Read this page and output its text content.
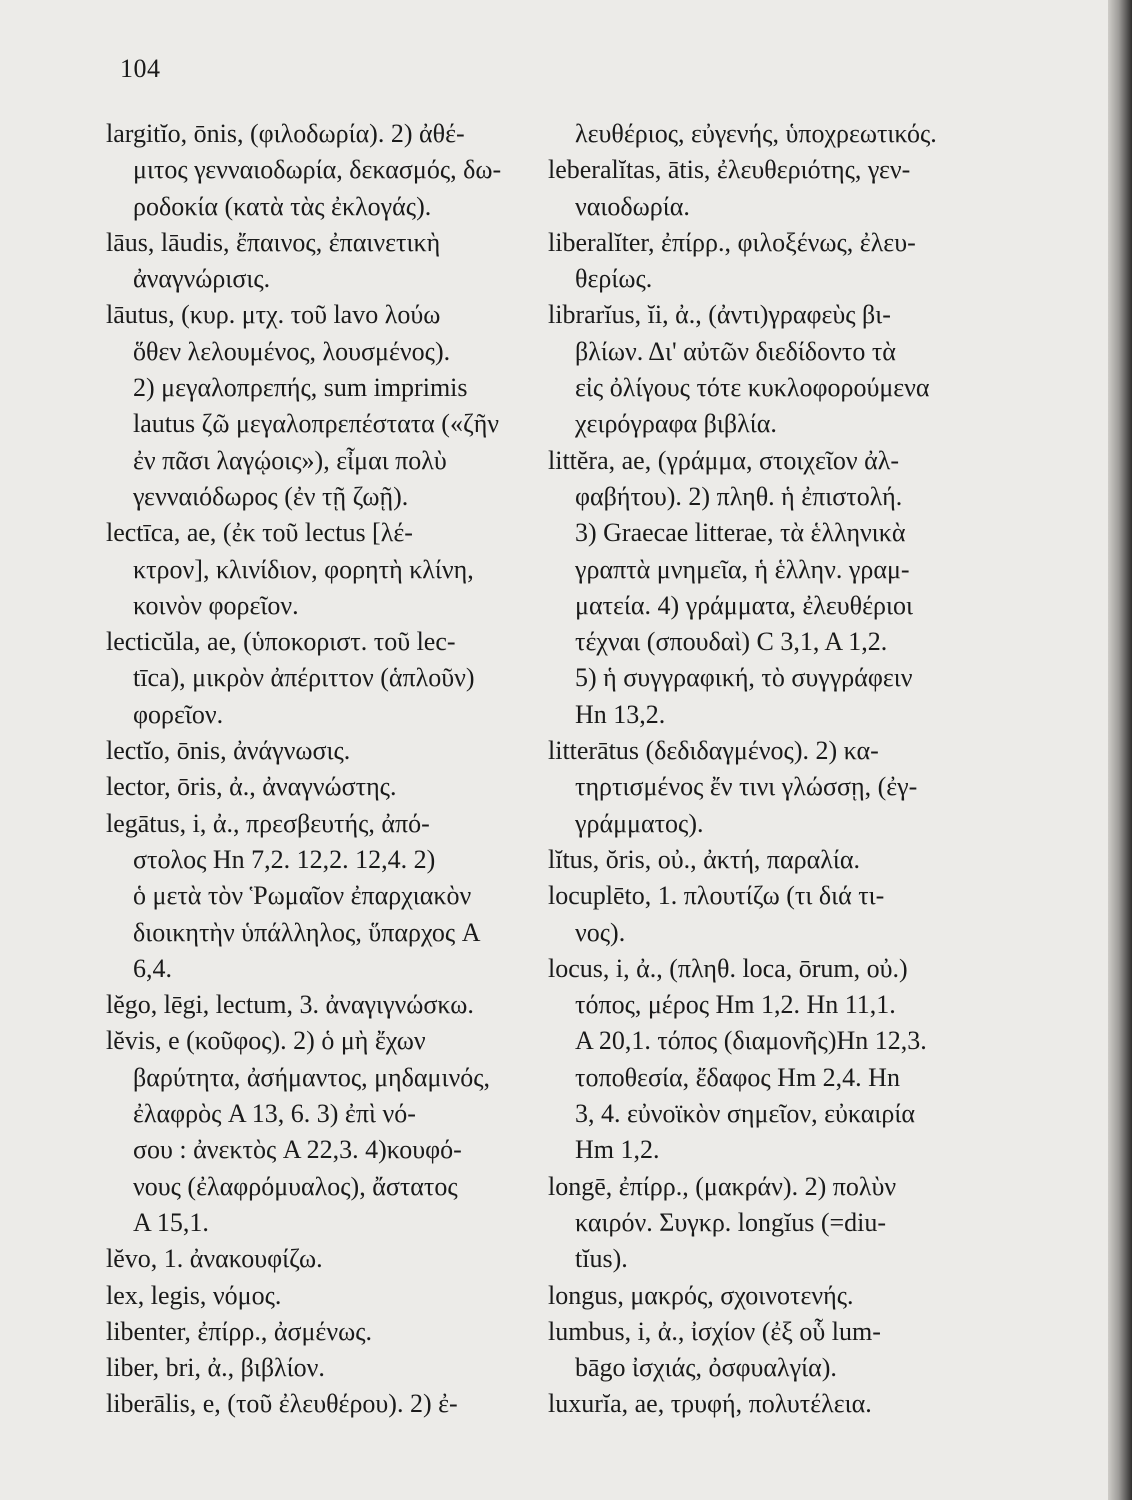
104
largitĭo, ōnis, (φιλοδωρία). 2) ἀθέ-
μιτος γενναιοδωρία, δεκασμός, δω-
ροδοκία (κατὰ τὰς ἐκλογάς).
lāus, lāudis, ἔπαινος, ἐπαινετικὴ
ἀναγνώρισις.
lāutus, (κυρ. μτχ. τοῦ lavo λούω
ὅθεν λελουμένος, λουσμένος).
2) μεγαλοπρεπής, sum imprimis
lautus ζῶ μεγαλοπρεπέστατα («ζῆν
ἐν πᾶσι λαγῴοις»), εἶμαι πολὺ
γενναιόδωρος (ἐν τῇ ζωῇ).
lectīca, ae, (ἐκ τοῦ lectus [λέ-
κτρον], κλινίδιον, φορητὴ κλίνη,
κοινὸν φορεῖον.
lecticŭla, ae, (ὑποκοριστ. τοῦ lec-
tīca), μικρὸν ἀπέριττον (ἁπλοῦν)
φορεῖον.
lectĭo, ōnis, ἀνάγνωσις.
lector, ōris, ἀ., ἀναγνώστης.
legātus, i, ἀ., πρεσβευτής, ἀπό-
στολος Hn 7,2. 12,2. 12,4. 2)
ὁ μετὰ τὸν Ῥωμαῖον ἐπαρχιακὸν
διοικητὴν ὑπάλληλος, ὕπαρχος A
6,4.
lĕgo, lēgi, lectum, 3. ἀναγιγνώσκω.
lĕvis, e (κοῦφος). 2) ὁ μὴ ἔχων
βαρύτητα, ἀσήμαντος, μηδαμινός,
ἐλαφρὸς A 13, 6. 3) ἐπὶ νό-
σου : ἀνεκτὸς A 22,3. 4)κουφό-
νους (ἐλαφρόμυαλος), ἄστατος
A 15,1.
lĕvo, 1. ἀνακουφίζω.
lex, legis, νόμος.
libenter, ἐπίρρ., ἀσμένως.
liber, bri, ἀ., βιβλίον.
liberālis, e, (τοῦ ἐλευθέρου). 2) ἐ-
λευθέριος, εὐγενής, ὑποχρεωτικός.
leberalĭtas, ātis, ἐλευθεριότης, γεν-
ναιοδωρία.
liberalĭter, ἐπίρρ., φιλοξένως, ἐλευ-
θερίως.
librarĭus, ĭi, ἀ., (ἀντι)γραφεὺς βι-
βλίων. Δι' αὐτῶν διεδίδοντο τὰ
εἰς ὀλίγους τότε κυκλοφορούμενα
χειρόγραφα βιβλία.
littĕra, ae, (γράμμα, στοιχεῖον ἀλ-
φαβήτου). 2) πληθ. ἡ ἐπιστολή.
3) Graecae litterae, τὰ ἑλληνικὰ
γραπτὰ μνημεῖα, ἡ ἑλλην. γραμ-
ματεία. 4) γράμματα, ἐλευθέριοι
τέχναι (σπουδαὶ) C 3,1, A 1,2.
5) ἡ συγγραφική, τὸ συγγράφειν
Hn 13,2.
litterātus (δεδιδαγμένος). 2) κα-
τηρτισμένος ἔν τινι γλώσσῃ, (ἐγ-
γράμματος).
lĭtus, ŏris, οὐ., ἀκτή, παραλία.
locuplēto, 1. πλουτίζω (τι διά τι-
νος).
locus, i, ἀ., (πληθ. loca, ōrum, οὐ.)
τόπος, μέρος Hm 1,2. Hn 11,1.
A 20,1. τόπος (διαμονῆς)Hn 12,3.
τοποθεσία, ἔδαφος Hm 2,4. Hn
3, 4. εὐνοϊκὸν σημεῖον, εὐκαιρία
Hm 1,2.
longē, ἐπίρρ., (μακράν). 2) πολὺν
καιρόν. Συγκρ. longĭus (=diu-
tĭus).
longus, μακρός, σχοινοτενής.
lumbus, i, ἀ., ἰσχίον (ἐξ οὗ lum-
bāgo ἰσχιάς, ὀσφυαλγία).
luxurĭa, ae, τρυφή, πολυτέλεια.
